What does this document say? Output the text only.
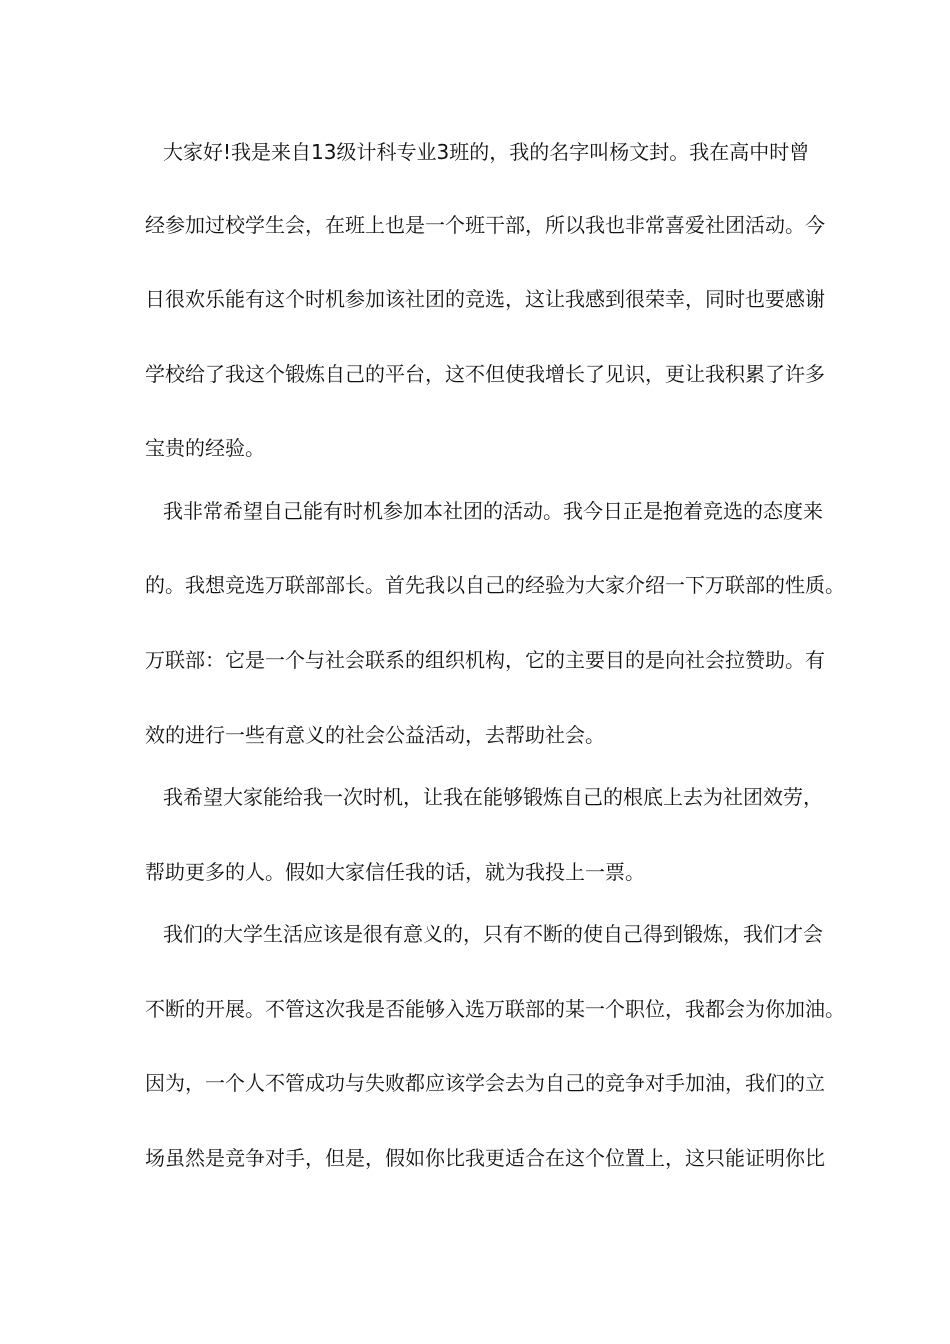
大家好!我是来自13级计科专业3班的，我的名字叫杨文封。我在高中时曾
经参加过校学生会，在班上也是一个班干部，所以我也非常喜爱社团活动。今
日很欢乐能有这个时机参加该社团的竞选，这让我感到很荣幸，同时也要感谢
学校给了我这个锻炼自己的平台，这不但使我增长了见识，更让我积累了许多
宝贵的经验。
我非常希望自己能有时机参加本社团的活动。我今日正是抱着竞选的态度来
的。我想竞选万联部部长。首先我以自己的经验为大家介绍一下万联部的性质。
万联部：它是一个与社会联系的组织机构，它的主要目的是向社会拉赞助。有
效的进行一些有意义的社会公益活动，去帮助社会。
我希望大家能给我一次时机，让我在能够锻炼自己的根底上去为社团效劳，
帮助更多的人。假如大家信任我的话，就为我投上一票。
我们的大学生活应该是很有意义的，只有不断的使自己得到锻炼，我们才会
不断的开展。不管这次我是否能够入选万联部的某一个职位，我都会为你加油。
因为，一个人不管成功与失败都应该学会去为自己的竞争对手加油，我们的立
场虽然是竞争对手，但是，假如你比我更适合在这个位置上，这只能证明你比
